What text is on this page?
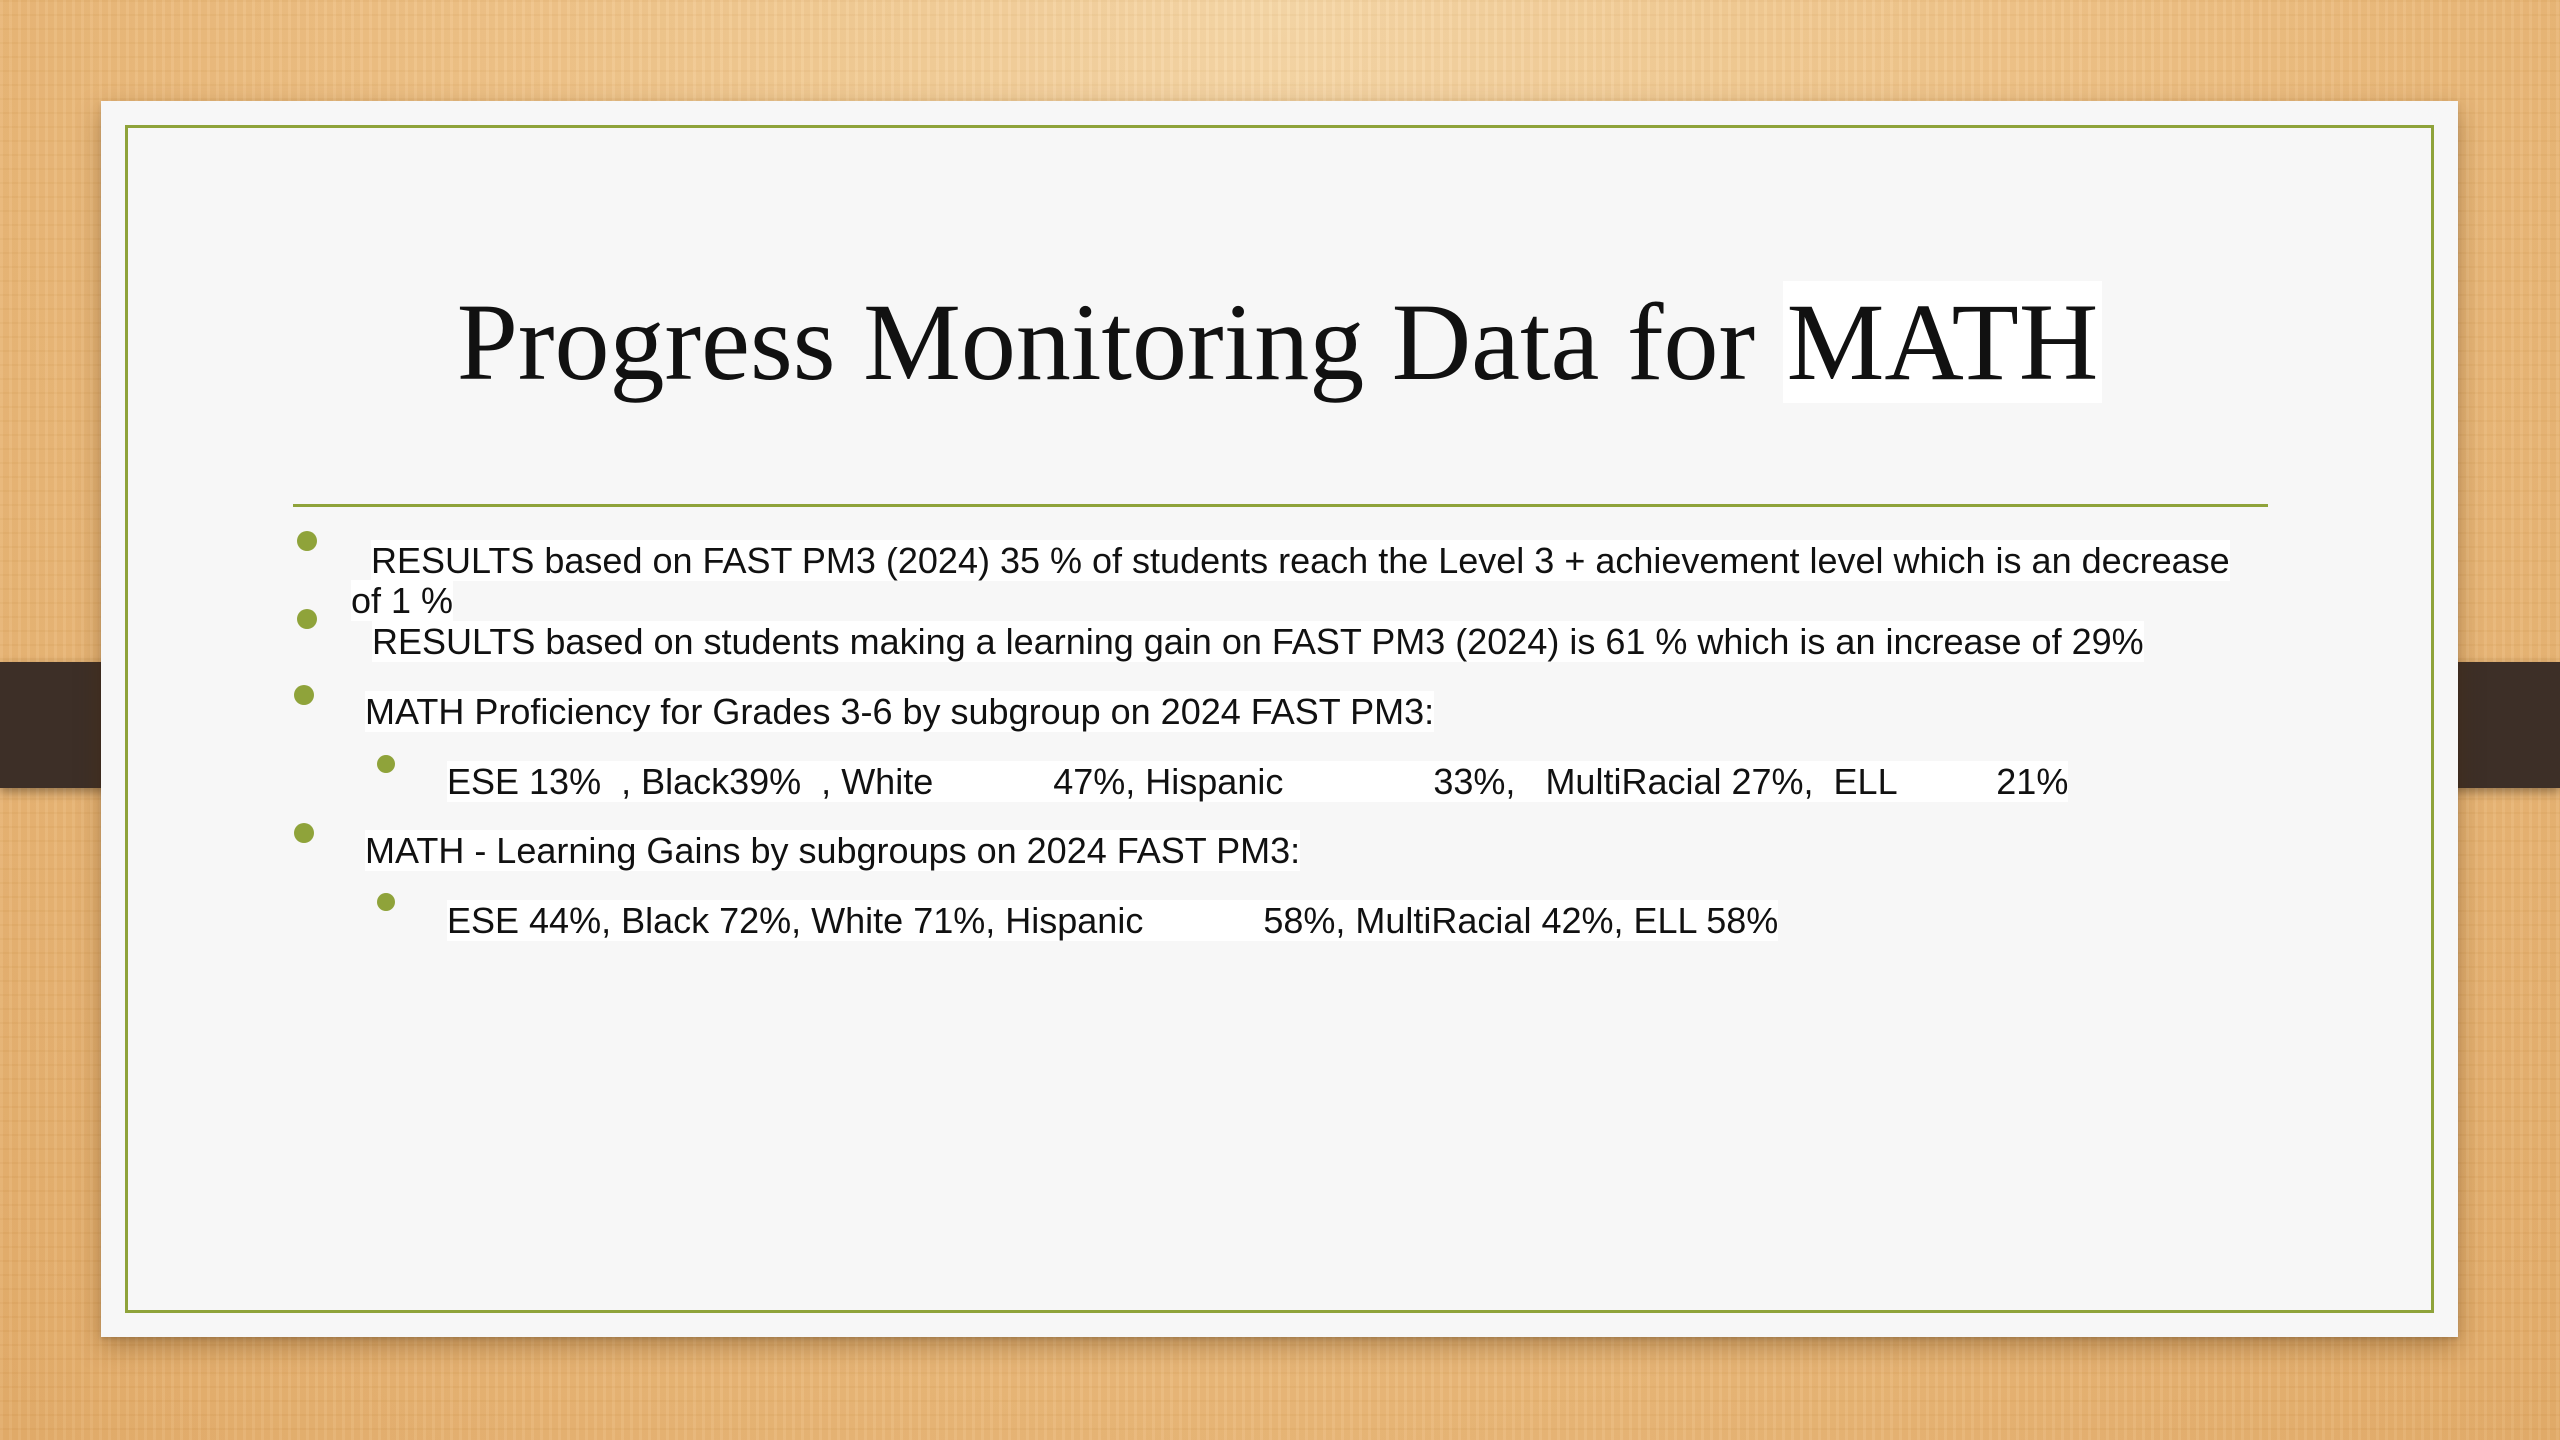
Progress Monitoring Data for MATH
RESULTS based on FAST PM3 (2024) 35 % of students reach the Level 3 + achievement level which is an decrease of 1 %
RESULTS based on students making a learning gain on FAST PM3 (2024) is 61 % which is an increase of 29%
MATH Proficiency for Grades 3-6 by subgroup on 2024 FAST PM3:
ESE 13%  , Black39%  , White            47%, Hispanic               33%,   MultiRacial 27%,  ELL          21%
MATH - Learning Gains by subgroups on 2024 FAST PM3:
ESE 44%, Black 72%, White 71%, Hispanic            58%, MultiRacial 42%, ELL 58%
